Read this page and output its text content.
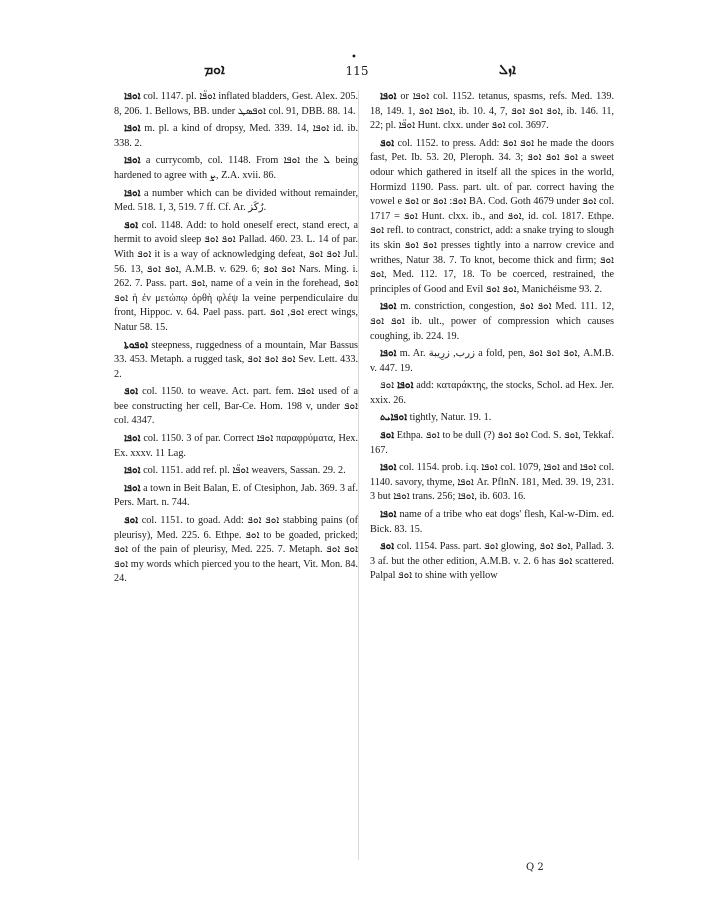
•
ܐܘܡ	115	ܐܙܠ

ܐܘܦܐ col. 1147. pl. ܐܘܦ̈ܐ inflated bladders, Gest. Alex. 205. 8, 206. 1. Bellows, BB. under ܐܘܦܣܛ col. 91, DBB. 88. 14.

ܐܘܦܐ m. pl. a kind of dropsy, Med. 339. 14, ܐܘܦܐ id. ib. 338. 2.

ܐܘܦܐ a currycomb, col. 1148. From ܐܘܦܐ the ܠ being hardened to agree with ܨ, Z.A. xvii. 86.

ܐܘܦܐ a number which can be divided without remainder, Med. 518. 1, 3, 519. 7 ff. Cf. Ar. رُكَز.

ܐܘܦ col. 1148. Add: to hold oneself erect, stand erect, a hermit to avoid sleep ܐܘܦ ܐܘܦ Pallad. 460. 23. L. 14 of par. With ܐܘܦ it is a way of acknowledging defeat, ܐܘܦ ܐܘܦ Jul. 56. 13, ܐܘܦ ܐܘܦ, A.M.B. v. 629. 6; ܐܘܦ ܐܘܦ Nars. Ming. i. 262. 7. Pass. part. ܐܘܦ, name of a vein in the forehead, ܐܘܦ ܐܘܦ ἡ ἐν μετώπῳ ὀρθὴ φλέψ la veine perpendiculaire du front, Hippoc. v. 64. Pael pass. part. ܐܘܦ, ܐܘܦ erect wings, Natur 58. 15.

ܐܘܦܘܬܐ steepness, ruggedness of a mountain, Mar Bassus 33. 453. Metaph. a rugged task, ܐܘܦ ܐܘܦ ܐܘܦ Sev. Lett. 433. 2.

ܐܘܦ col. 1150. to weave. Act. part. fem. ܐܘܦܐ used of a bee constructing her cell, Bar-Ce. Hom. 198 v, under ܐܘܦ col. 4347.

ܐܘܦܐ col. 1150. 3 of par. Correct ܐܘܦܐ παραφρύματα, Hex. Ex. xxxv. 11 Lag.

ܐܘܦܐ col. 1151. add ref. pl. ܐܘܦ̈ܐ weavers, Sassan. 29. 2.

ܐܘܦܐ a town in Beit Balan, E. of Ctesiphon, Jab. 369. 3 af. Pers. Mart. n. 744.

ܐܘܦ col. 1151. to goad. Add: ܐܘܦ ܐܘܦ stabbing pains (of pleurisy), Med. 225. 6. Ethpe. ܐܘܦ to be goaded, pricked; ܐܘܦ of the pain of pleurisy, Med. 225. 7. Metaph. ܐܘܦ ܐܘܦ ܐܘܦ my words which pierced you to the heart, Vit. Mon. 84. 24.

ܐܘܦܐ or ܐܘܦܐ col. 1152. tetanus, spasms, refs. Med. 139. 18, 149. 1, ܐܘܦܐ ܐܘܦ, ib. 10. 4, 7, ܐܘܦ ܐܘܦ ܐܘܦ, ib. 146. 11, 22; pl. ܐܘܦ̈ܐ Hunt. clxx. under ܐܘܦ col. 3697.

ܐܘܦ col. 1152. to press. Add: ܐܘܦ ܐܘܦ he made the doors fast, Pet. Ib. 53. 20, Pleroph. 34. 3; ܐܘܦ ܐܘܦ ܐܘܦ a sweet odour which gathered in itself all the spices in the world, Hormizd 1190. Pass. part. ult. of par. correct having the vowel e ܐܘܦ or ܐܘܦ: ܐܘܦ BA. Cod. Goth 4679 under ܐܘܦ col. 1717 = ܐܘܦ Hunt. clxx. ib., and ܐܘܦ, id. col. 1817. Ethpe. ܐܘܦ refl. to contract, constrict, add: a snake trying to slough its skin ܐܘܦ ܐܘܦ presses tightly into a narrow crevice and writhes, Natur 38. 7. To knot, become thick and firm; ܐܘܦ ܐܘܦ, Med. 112. 17, 18. To be coerced, restrained, the principles of Good and Evil ܐܘܦ ܐܘܦ, Manichéisme 93. 2.

ܐܘܦܐ m. constriction, congestion, ܐܘܦ ܐܘܦ Med. 111. 12, ܐܘܦ ܐܘܦ ib. ult., power of compression which causes coughing, ib. 224. 19.

ܐܘܦܐ m. Ar. زرب, زرِيبة a fold, pen, ܐܘܦ ܐܘܦ ܐܘܦ, A.M.B. v. 447. 19.

ܐܘܦܐ ܐܘܦ add: καταράκτης, the stocks, Schol. ad Hex. Jer. xxix. 26.

ܐܘܦܐܝܬ tightly, Natur. 19. 1.

ܐܘܦ Ethpa. ܐܘܦ to be dull (?) ܐܘܦ ܐܘܦ Cod. S. ܐܘܦ, Tekkaf. 167.

ܐܘܦܐ col. 1154. prob. i.q. ܐܘܦܐ col. 1079, ܐܘܦܐ and ܐܘܦܐ col. 1140. savory, thyme, ܐܘܦܐ Ar. PflnN. 181, Med. 39. 19, 231. 3 but ܐܘܦܐ trans. 256; ܐܘܦܐ, ib. 603. 16.

ܐܘܦܐ name of a tribe who eat dogs' flesh, Kal-w-Dim. ed. Bick. 83. 15.

ܐܘܦ col. 1154. Pass. part. ܐܘܦ glowing, ܐܘܦ ܐܘܦ, Pallad. 3. 3 af. but the other edition, A.M.B. v. 2. 6 has ܐܘܦ scattered. Palpal ܐܘܦ to shine with yellow

Q 2
